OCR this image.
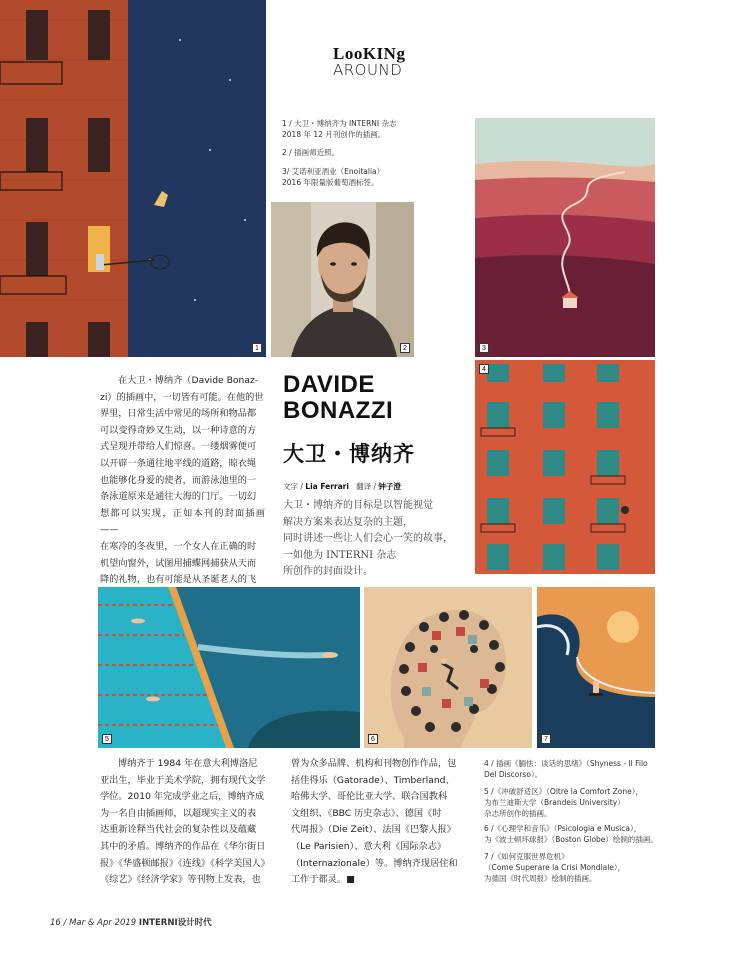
LooKINg
AROUND
1
1 / 大卫・博纳齐为 INTERNI 杂志
2018 年 12 月刊创作的插画。
2 / 插画师近照。
3/ 艾诺利亚酒业（Enoitalia）
2016 年限量版葡萄酒标签。
2	3
4
在大卫・博纳齐（Davide Bonaz-
zi）的插画中，一切皆有可能。在他的世
界里，日常生活中常见的场所和物品都
可以变得奇妙又生动，以一种诗意的方
式呈现并带给人们惊喜。一缕烟雾便可
以开辟一条通往地平线的道路，晾衣绳
也能够化身爱的使者，而游泳池里的一
条泳道原来是通往大海的门厅。一切幻
想都可以实现，正如本刊的封面插画——
在寒冷的冬夜里，一个女人在正确的时
机望向窗外，试图用捕蝶网捕获从天而
降的礼物，也有可能是从圣诞老人的飞
DAVIDE
BONAZZI
大卫・博纳齐
文字 / Lia Ferrari 翻译 / 钟子澄
大卫・博纳齐的目标是以智能视觉
解决方案来表达复杂的主题，
同时讲述一些让人们会心一笑的故事，
一如他为 INTERNI 杂志
所创作的封面设计。
5	6	7
博纳齐于 1984 年在意大利博洛尼
亚出生，毕业于美术学院，拥有现代文学
学位。2010 年完成学业之后，博纳齐成
为一名自由插画师，以超现实主义的表
达重新诠释当代社会的复杂性以及蕴藏
其中的矛盾。博纳齐的作品在《华尔街日
报》《华盛顿邮报》《连线》《科学美国人》
《综艺》《经济学家》等刊物上发表，也
曾为众多品牌、机构和刊物创作作品，包
括佳得乐（Gatorade）、Timberland、
哈佛大学、哥伦比亚大学、联合国教科
文组织、《BBC 历史杂志》、德国《时
代周报》（Die Zeit）、法国《巴黎人报》
（Le Parisien）、意大利《国际杂志》
（Internazionale）等。博纳齐现居住和
工作于都灵。■
4 / 插画《腼怯：谈话的思绪》（Shyness - Il Filo
Del Discorso）。
5 /《冲破舒适区》（Oltre la Comfort Zone），
为布兰迪斯大学（Brandeis University）
杂志所创作的插画。
6 /《心理学和音乐》（Psicologia e Musica），
为《波士顿环球报》（Boston Globe）绘制的插画。
7 /《如何克服世界危机》
（Come Superare la Crisi Mondiale），
为德国《时代周报》绘制的插画。
16 / Mar & Apr 2019 INTERNI设计时代
